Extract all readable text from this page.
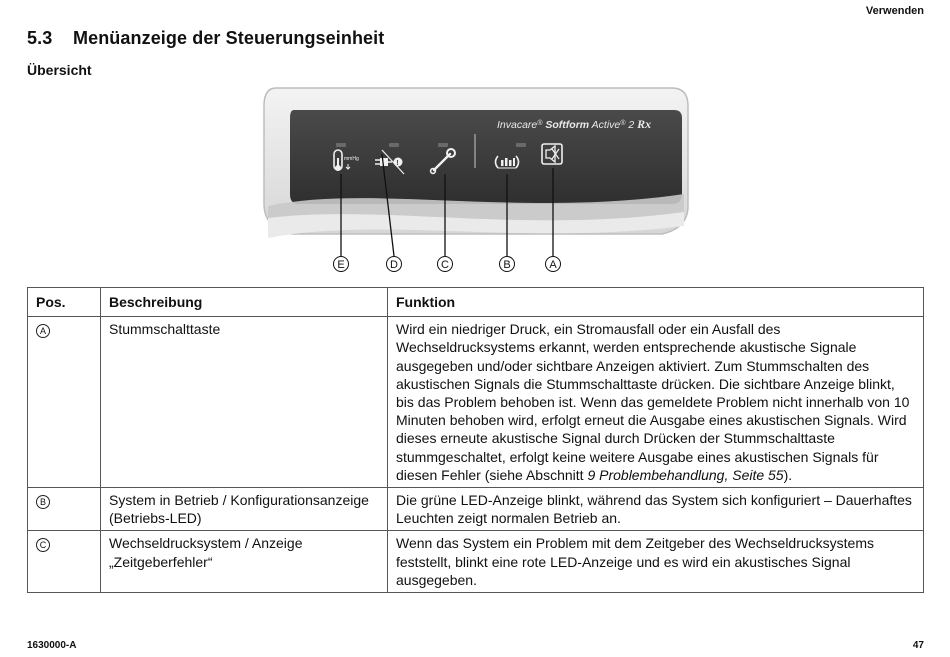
Verwenden
5.3 Menüanzeige der Steuerungseinheit
Übersicht
Invacare® Softform Active® 2 Rx
mmHg
!
E	D	C	B	A
Pos.	Beschreibung	Funktion
A	Stummschalttaste	Wird ein niedriger Druck, ein Stromausfall oder ein Ausfall des Wechseldrucksystems erkannt, werden entsprechende akustische Signale ausgegeben und/oder sichtbare Anzeigen aktiviert. Zum Stummschalten des akustischen Signals die Stummschalttaste drücken. Die sichtbare Anzeige blinkt, bis das Problem behoben ist. Wenn das gemeldete Problem nicht innerhalb von 10 Minuten behoben wird, erfolgt erneut die Ausgabe eines akustischen Signals. Wird dieses erneute akustische Signal durch Drücken der Stummschalttaste stummgeschaltet, erfolgt keine weitere Ausgabe eines akustischen Signals für diesen Fehler (siehe Abschnitt 9 Problembehandlung, Seite 55).
B	System in Betrieb / Konfigurationsanzeige (Betriebs-LED)	Die grüne LED-Anzeige blinkt, während das System sich konfiguriert – Dauerhaftes Leuchten zeigt normalen Betrieb an.
C	Wechseldrucksystem / Anzeige „Zeitgeberfehler“	Wenn das System ein Problem mit dem Zeitgeber des Wechseldrucksystems feststellt, blinkt eine rote LED-Anzeige und es wird ein akustisches Signal ausgegeben.
1630000-A	47
